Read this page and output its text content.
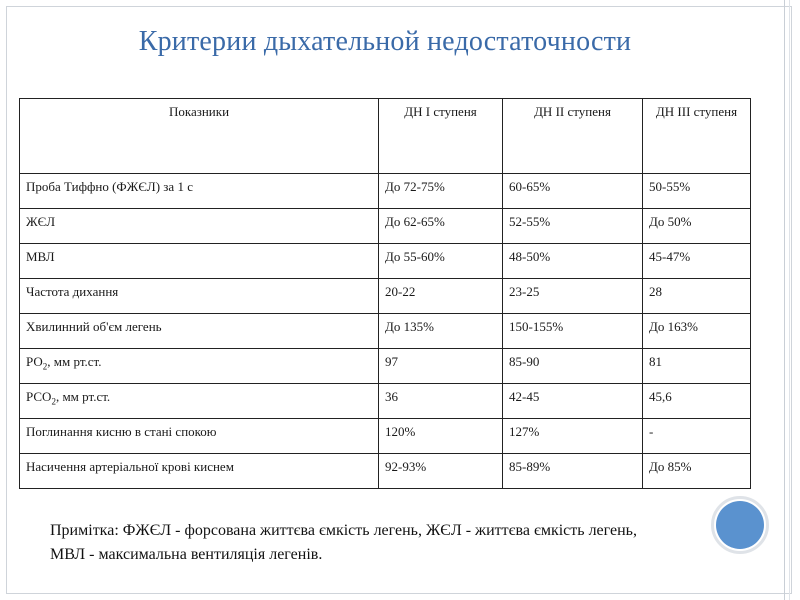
Критерии дыхательной недостаточности
Показники	ДН I ступеня	ДН II ступеня	ДН III ступеня
Проба Тиффно (ФЖЄЛ) за 1 с	До 72-75%	60-65%	50-55%
ЖЄЛ	До 62-65%	52-55%	До 50%
МВЛ	До 55-60%	48-50%	45-47%
Частота дихання	20-22	23-25	28
Хвилинний об'єм легень	До 135%	150-155%	До 163%
$РО_2$, мм рт.ст.	97	85-90	81
$РСО_2$, мм рт.ст.	36	42-45	45,6
Поглинання кисню в стані спокою	120%	127%	-
Насичення артеріальної крові киснем	92-93%	85-89%	До 85%
Примітка: ФЖЄЛ - форсована життєва ємкість легень, ЖЄЛ - життєва ємкість легень, МВЛ - максимальна вентиляція легенів.
